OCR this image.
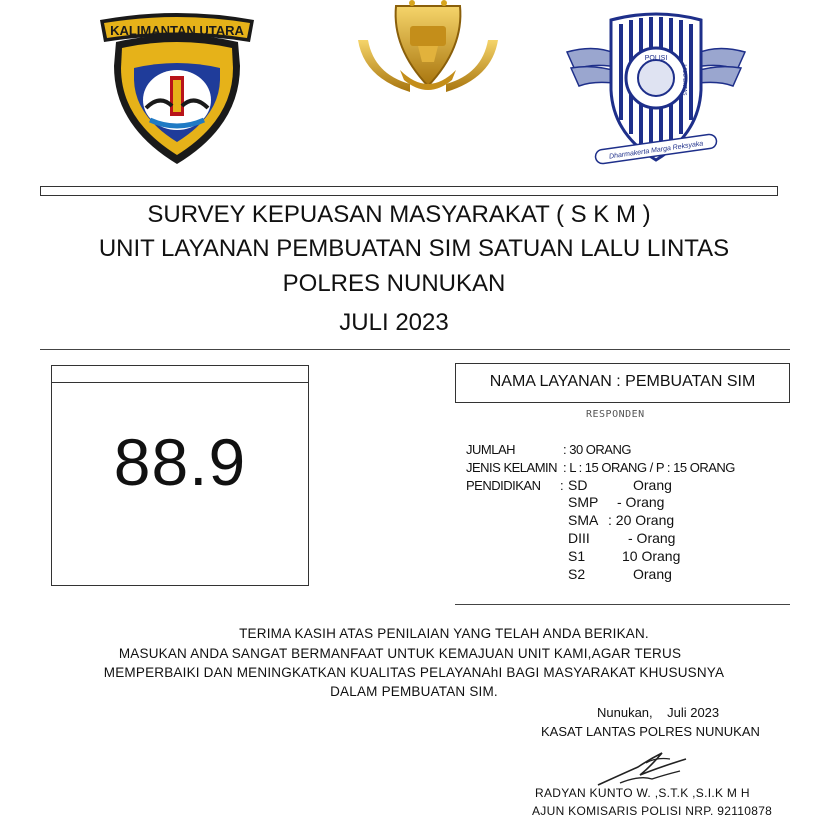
KALIMANTAN UTARA
POLISI
LALU LINTAS
Dharmakerta Marga Reksyaka
SURVEY KEPUASAN MASYARAKAT ( S K M )
UNIT LAYANAN PEMBUATAN SIM SATUAN LALU LINTAS
POLRES NUNUKAN
JULI 2023
88.9
NAMA LAYANAN : PEMBUATAN SIM
RESPONDEN
JUMLAH	: 30 ORANG
JENIS KELAMIN : L : 15 ORANG / P : 15 ORANG
PENDIDIKAN : SD	Orang
SMP - Orang
SMA : 20 Orang
DIII	- Orang
S1	10 Orang
S2	Orang
TERIMA KASIH ATAS PENILAIAN YANG TELAH ANDA BERIKAN.
MASUKAN ANDA SANGAT BERMANFAAT UNTUK KEMAJUAN UNIT KAMI,AGAR TERUS
MEMPERBAIKI DAN MENINGKATKAN KUALITAS PELAYANAhI BAGI MASYARAKAT KHUSUSNYA
DALAM PEMBUATAN SIM.
Nunukan,    Juli 2023
KASAT LANTAS POLRES NUNUKAN
RADYAN KUNTO W. ,S.T.K ,S.I.K M H
AJUN KOMISARIS POLISI NRP. 92110878
